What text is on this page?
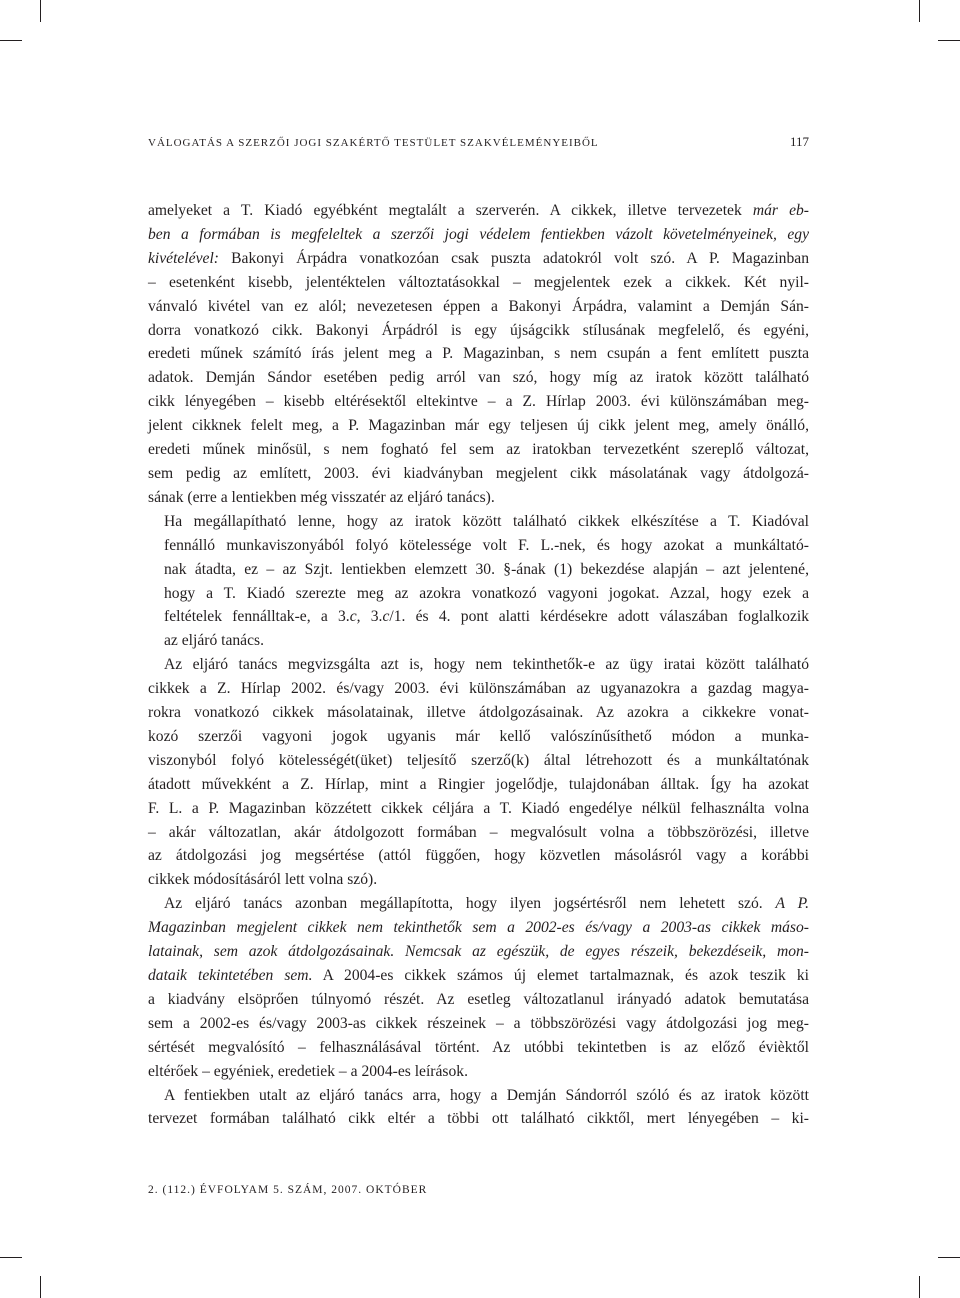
VÁLOGATÁS A SZERZŐI JOGI SZAKÉRTŐ TESTÜLET SZAKVÉLEMÉNYEIBŐL	117

amelyeket a T. Kiadó egyébként megtalált a szerverén. A cikkek, illetve tervezetek már eb-
ben a formában is megfeleltek a szerzői jogi védelem fentiekben vázolt követelményeinek, egy
kivételével: Bakonyi Árpádra vonatkozóan csak puszta adatokról volt szó. A P. Magazinban
– esetenként kisebb, jelentéktelen változtatásokkal – megjelentek ezek a cikkek. Két nyil-
vánvaló kivétel van ez alól; nevezetesen éppen a Bakonyi Árpádra, valamint a Demján Sán-
dorra vonatkozó cikk. Bakonyi Árpádról is egy újságcikk stílusának megfelelő, és egyéni,
eredeti műnek számító írás jelent meg a P. Magazinban, s nem csupán a fent említett puszta
adatok. Demján Sándor esetében pedig arról van szó, hogy míg az iratok között található
cikk lényegében – kisebb eltérésektől eltekintve – a Z. Hírlap 2003. évi különszámában meg-
jelent cikknek felelt meg, a P. Magazinban már egy teljesen új cikk jelent meg, amely önálló,
eredeti műnek minősül, s nem fogható fel sem az iratokban tervezetként szereplő változat,
sem pedig az említett, 2003. évi kiadványban megjelent cikk másolatának vagy átdolgozá-
sának (erre a lentiekben még visszatér az eljáró tanács).

Ha megállapítható lenne, hogy az iratok között található cikkek elkészítése a T. Kiadóval
fennálló munkaviszonyából folyó kötelessége volt F. L.-nek, és hogy azokat a munkáltató-
nak átadta, ez – az Szjt. lentiekben elemzett 30. §-ának (1) bekezdése alapján – azt jelentené,
hogy a T. Kiadó szerezte meg az azokra vonatkozó vagyoni jogokat. Azzal, hogy ezek a
feltételek fennálltak-e, a 3.c, 3.c/1. és 4. pont alatti kérdésekre adott válaszában foglalkozik
az eljáró tanács.

Az eljáró tanács megvizsgálta azt is, hogy nem tekinthetők-e az ügy iratai között található
cikkek a Z. Hírlap 2002. és/vagy 2003. évi különszámában az ugyanazokra a gazdag magya-
rokra vonatkozó cikkek másolatainak, illetve átdolgozásainak. Az azokra a cikkekre vonat-
kozó szerzői vagyoni jogok ugyanis már kellő valószínűsíthető módon a munka-
viszonyból folyó kötelességét(üket) teljesítő szerző(k) által létrehozott és a munkáltatónak
átadott művekként a Z. Hírlap, mint a Ringier jogelődje, tulajdonában álltak. Így ha azokat
F. L. a P. Magazinban közzétett cikkek céljára a T. Kiadó engedélye nélkül felhasználta volna
– akár változatlan, akár átdolgozott formában – megvalósult volna a többszörözési, illetve
az átdolgozási jog megsértése (attól függően, hogy közvetlen másolásról vagy a korábbi
cikkek módosításáról lett volna szó).

Az eljáró tanács azonban megállapította, hogy ilyen jogsértésről nem lehetett szó. A P.
Magazinban megjelent cikkek nem tekinthetők sem a 2002-es és/vagy a 2003-as cikkek máso-
latainak, sem azok átdolgozásainak. Nemcsak az egészük, de egyes részeik, bekezdéseik, mon-
dataik tekintetében sem. A 2004-es cikkek számos új elemet tartalmaznak, és azok teszik ki
a kiadvány elsöprően túlnyomó részét. Az esetleg változatlanul irányadó adatok bemutatása
sem a 2002-es és/vagy 2003-as cikkek részeinek – a többszörözési vagy átdolgozási jog meg-
sértését megvalósító – felhasználásával történt. Az utóbbi tekintetben is az előző évièktől
eltérőek – egyéniek, eredetiek – a 2004-es leírások.

A fentiekben utalt az eljáró tanács arra, hogy a Demján Sándorról szóló és az iratok között
tervezet formában található cikk eltér a többi ott található cikktől, mert lényegében – ki-

2. (112.) ÉVFOLYAM 5. SZÁM, 2007. OKTÓBER
